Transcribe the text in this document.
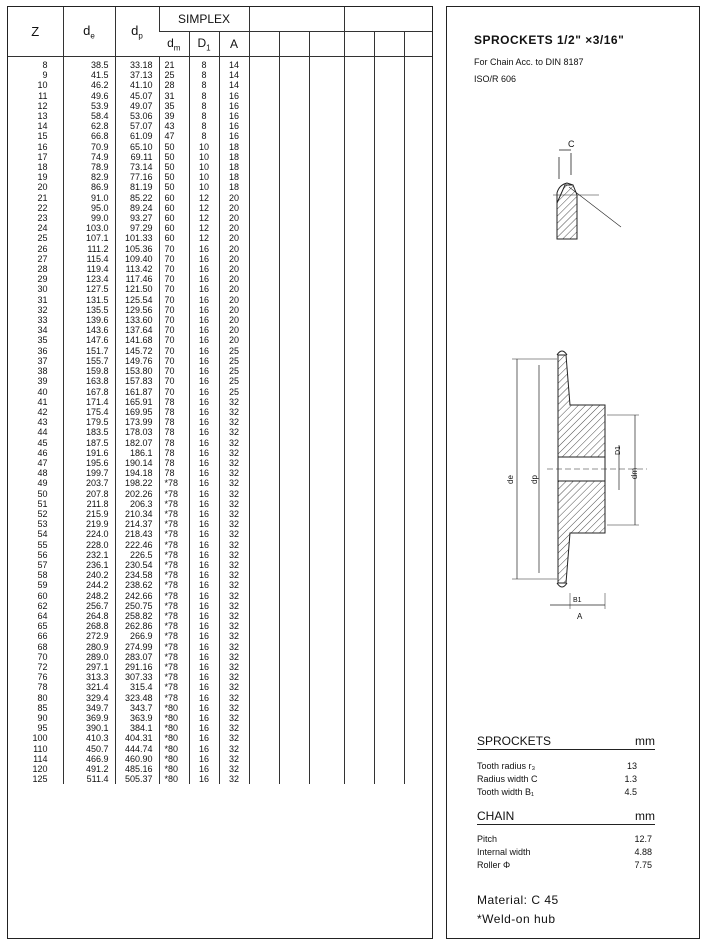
Z	$d_e$	$d_p$	SIMPLEX								
			$d_m$	$D_1$	A						
8	38.5	33.18	21	8	14						
9	41.5	37.13	25	8	14						
10	46.2	41.10	28	8	14						
11	49.6	45.07	31	8	16						
12	53.9	49.07	35	8	16						
13	58.4	53.06	39	8	16						
14	62.8	57.07	43	8	16						
15	66.8	61.09	47	8	16						
16	70.9	65.10	50	10	18						
17	74.9	69.11	50	10	18						
18	78.9	73.14	50	10	18						
19	82.9	77.16	50	10	18						
20	86.9	81.19	50	10	18						
21	91.0	85.22	60	12	20						
22	95.0	89.24	60	12	20						
23	99.0	93.27	60	12	20						
24	103.0	97.29	60	12	20						
25	107.1	101.33	60	12	20						
26	111.2	105.36	70	16	20						
27	115.4	109.40	70	16	20						
28	119.4	113.42	70	16	20						
29	123.4	117.46	70	16	20						
30	127.5	121.50	70	16	20						
31	131.5	125.54	70	16	20						
32	135.5	129.56	70	16	20						
33	139.6	133.60	70	16	20						
34	143.6	137.64	70	16	20						
35	147.6	141.68	70	16	20						
36	151.7	145.72	70	16	25						
37	155.7	149.76	70	16	25						
38	159.8	153.80	70	16	25						
39	163.8	157.83	70	16	25						
40	167.8	161.87	70	16	25						
41	171.4	165.91	78	16	32						
42	175.4	169.95	78	16	32						
43	179.5	173.99	78	16	32						
44	183.5	178.03	78	16	32						
45	187.5	182.07	78	16	32						
46	191.6	186.1	78	16	32						
47	195.6	190.14	78	16	32						
48	199.7	194.18	78	16	32						
49	203.7	198.22	*78	16	32						
50	207.8	202.26	*78	16	32						
51	211.8	206.3	*78	16	32						
52	215.9	210.34	*78	16	32						
53	219.9	214.37	*78	16	32						
54	224.0	218.43	*78	16	32						
55	228.0	222.46	*78	16	32						
56	232.1	226.5	*78	16	32						
57	236.1	230.54	*78	16	32						
58	240.2	234.58	*78	16	32						
59	244.2	238.62	*78	16	32						
60	248.2	242.66	*78	16	32						
62	256.7	250.75	*78	16	32						
64	264.8	258.82	*78	16	32						
65	268.8	262.86	*78	16	32						
66	272.9	266.9	*78	16	32						
68	280.9	274.99	*78	16	32						
70	289.0	283.07	*78	16	32						
72	297.1	291.16	*78	16	32						
76	313.3	307.33	*78	16	32						
78	321.4	315.4	*78	16	32						
80	329.4	323.48	*78	16	32						
85	349.7	343.7	*80	16	32						
90	369.9	363.9	*80	16	32						
95	390.1	384.1	*80	16	32						
100	410.3	404.31	*80	16	32						
110	450.7	444.74	*80	16	32						
114	466.9	460.90	*80	16	32						
120	491.2	485.16	*80	16	32						
125	511.4	505.37	*80	16	32						
SPROCKETS 1/2" ×3/16"
For Chain Acc. to DIN 8187
ISO/R 606
C
de dp
dm
D1
B1
A
SPROCKETS	mm
Tooth radius r₃	13
Radius width C	1.3
Tooth width B₁	4.5
CHAIN	mm
Pitch	12.7
Internal width	4.88
Roller Φ	7.75
Material: C 45
*Weld-on hub
